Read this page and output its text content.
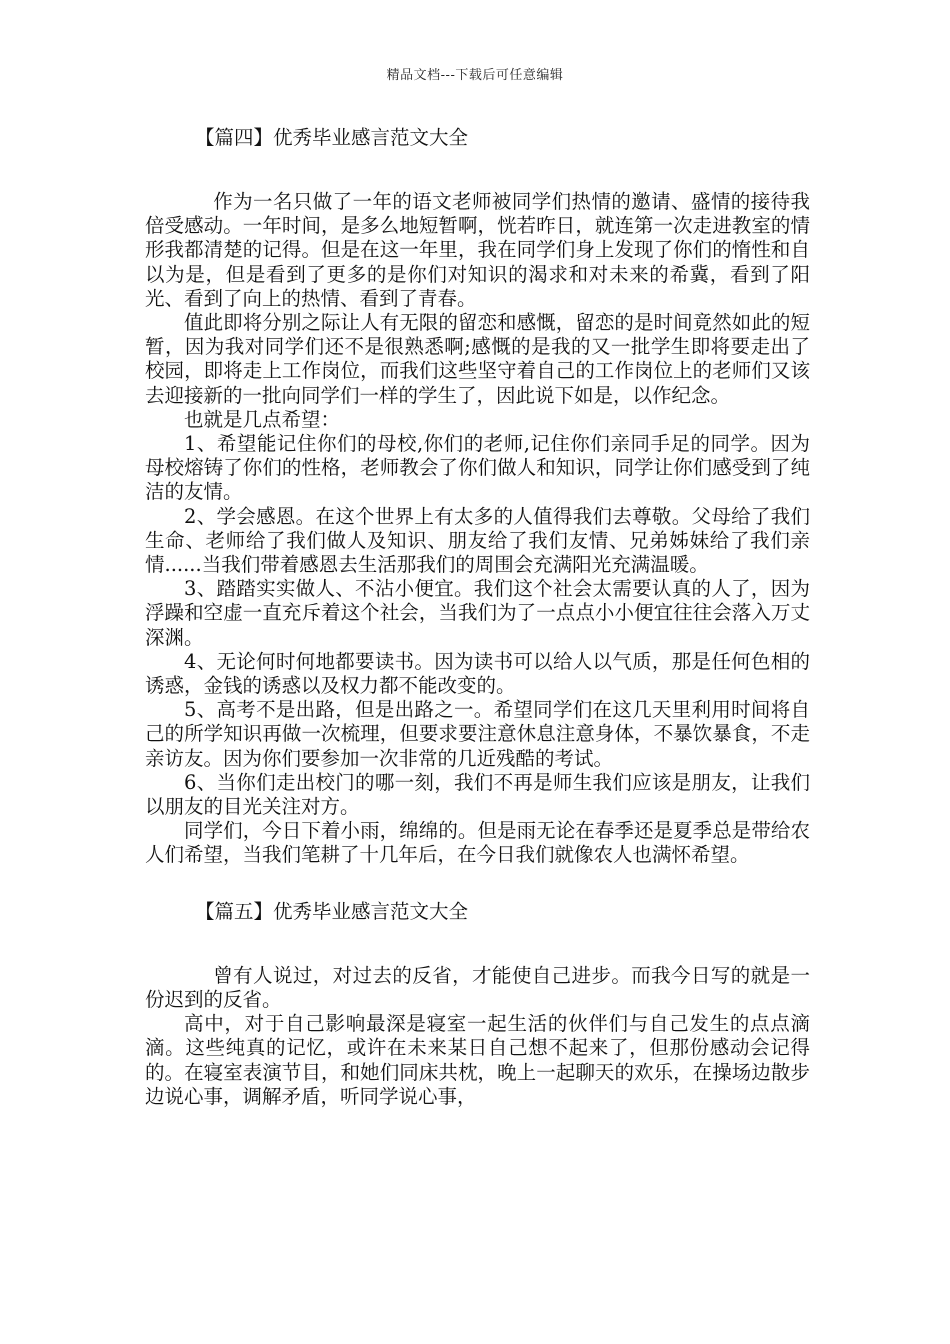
精品文档---下载后可任意编辑
【篇四】优秀毕业感言范文大全

作为一名只做了一年的语文老师被同学们热情的邀请、盛情的接待我倍受感动。一年时间，是多么地短暂啊，恍若昨日，就连第一次走进教室的情形我都清楚的记得。但是在这一年里，我在同学们身上发现了你们的惰性和自以为是，但是看到了更多的是你们对知识的渴求和对未来的希冀，看到了阳光、看到了向上的热情、看到了青春。

值此即将分别之际让人有无限的留恋和感慨，留恋的是时间竟然如此的短暂，因为我对同学们还不是很熟悉啊;感慨的是我的又一批学生即将要走出了校园，即将走上工作岗位，而我们这些坚守着自己的工作岗位上的老师们又该去迎接新的一批向同学们一样的学生了，因此说下如是，以作纪念。

也就是几点希望：

1、希望能记住你们的母校,你们的老师,记住你们亲同手足的同学。因为母校熔铸了你们的性格，老师教会了你们做人和知识，同学让你们感受到了纯洁的友情。

2、学会感恩。在这个世界上有太多的人值得我们去尊敬。父母给了我们生命、老师给了我们做人及知识、朋友给了我们友情、兄弟姊妹给了我们亲情......当我们带着感恩去生活那我们的周围会充满阳光充满温暖。

3、踏踏实实做人、不沾小便宜。我们这个社会太需要认真的人了，因为浮躁和空虚一直充斥着这个社会，当我们为了一点点小小便宜往往会落入万丈深渊。

4、无论何时何地都要读书。因为读书可以给人以气质，那是任何色相的诱惑，金钱的诱惑以及权力都不能改变的。

5、高考不是出路，但是出路之一。希望同学们在这几天里利用时间将自己的所学知识再做一次梳理，但要求要注意休息注意身体，不暴饮暴食，不走亲访友。因为你们要参加一次非常的几近残酷的考试。

6、当你们走出校门的哪一刻，我们不再是师生我们应该是朋友，让我们以朋友的目光关注对方。

同学们，今日下着小雨，绵绵的。但是雨无论在春季还是夏季总是带给农人们希望，当我们笔耕了十几年后，在今日我们就像农人也满怀希望。

【篇五】优秀毕业感言范文大全

曾有人说过，对过去的反省，才能使自己进步。而我今日写的就是一份迟到的反省。

高中，对于自己影响最深是寝室一起生活的伙伴们与自己发生的点点滴滴。这些纯真的记忆，或许在未来某日自己想不起来了，但那份感动会记得的。在寝室表演节目，和她们同床共枕，晚上一起聊天的欢乐，在操场边散步边说心事，调解矛盾，听同学说心事，
